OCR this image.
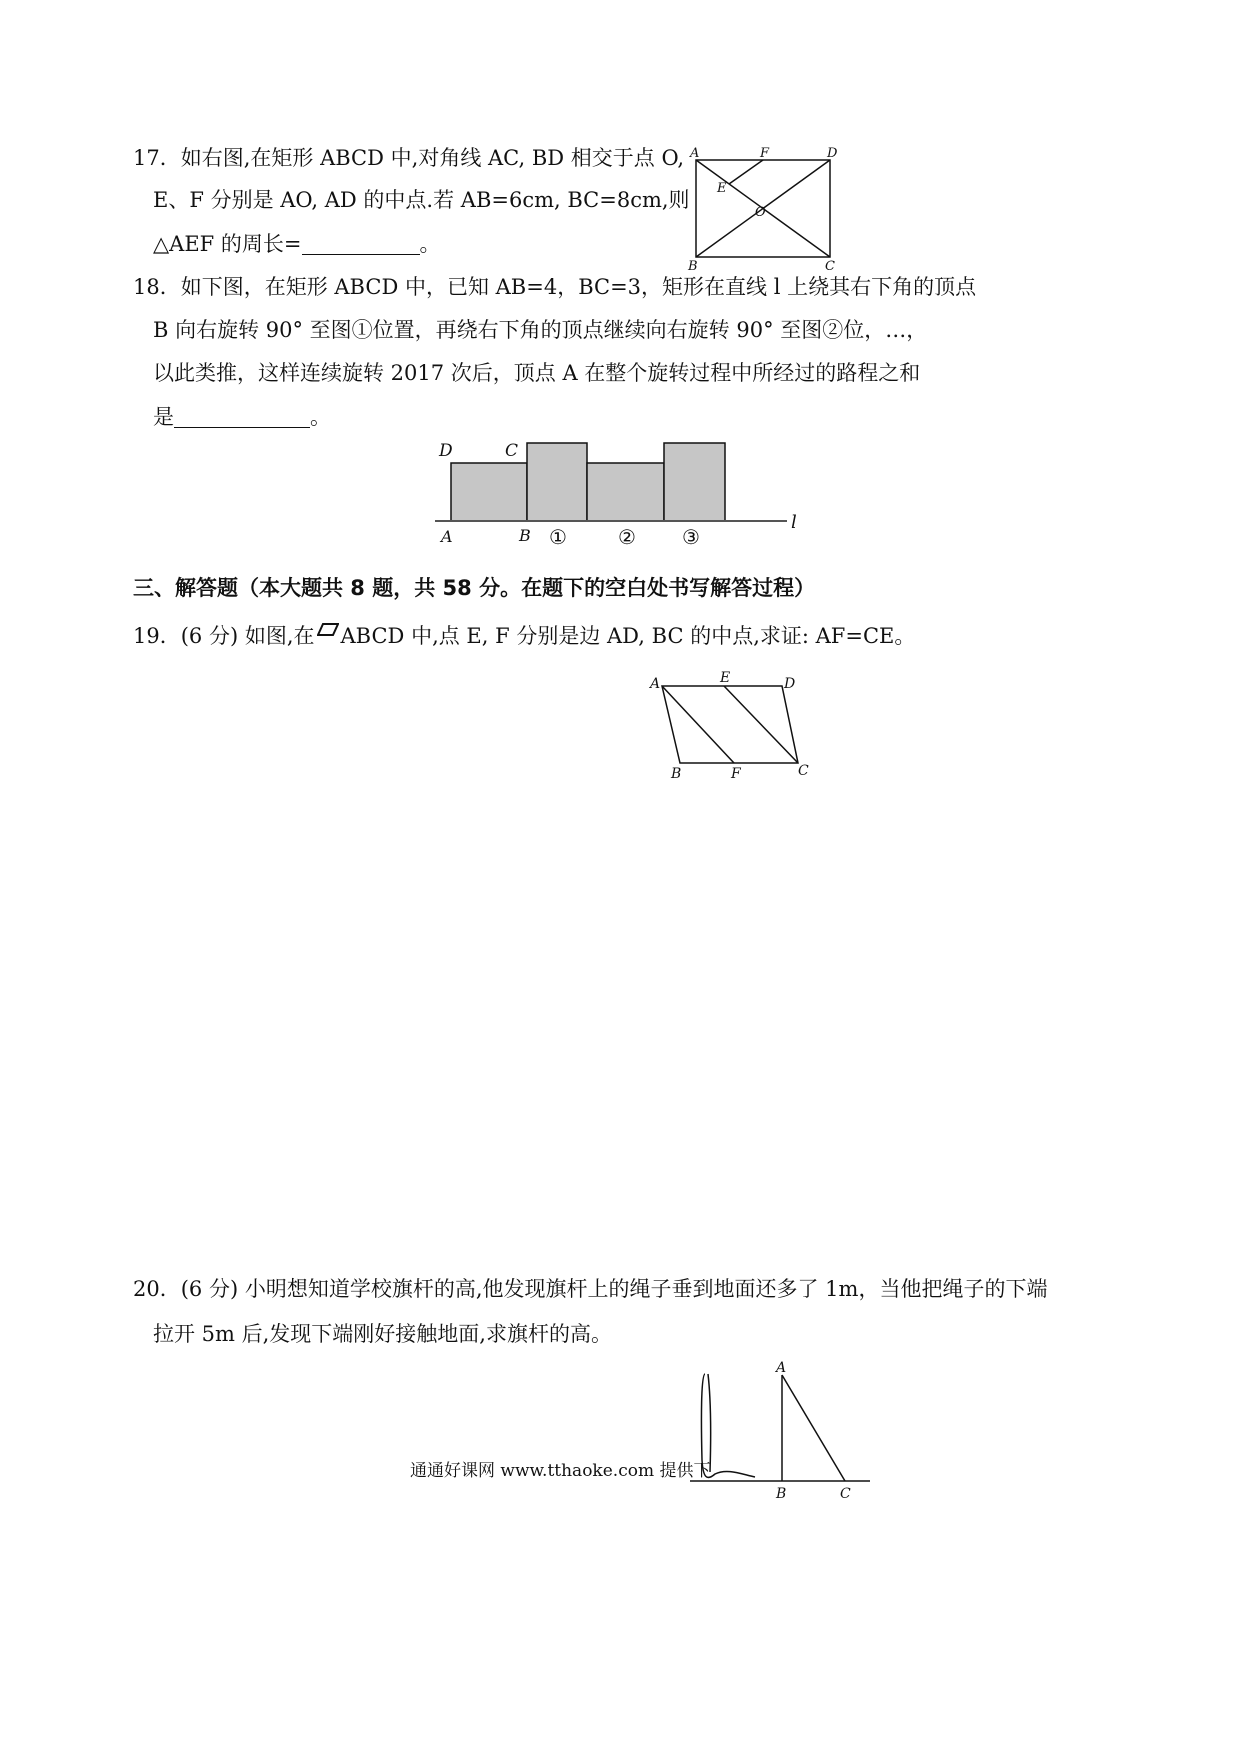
17．如右图,在矩形 ABCD 中,对角线 AC, BD 相交于点 O,
E、F 分别是 AO, AD 的中点.若 AB=6cm, BC=8cm,则
△AEF 的周长=	。
A	F	D
E
O
B	C
18．如下图，在矩形 ABCD 中，已知 AB=4，BC=3，矩形在直线 l 上绕其右下角的顶点
B 向右旋转 90° 至图①位置，再绕右下角的顶点继续向右旋转 90° 至图②位，…，
以此类推，这样连续旋转 2017 次后，顶点 A 在整个旋转过程中所经过的路程之和
是	。
D	C
A	B
l
①	② ③
三、解答题（本大题共 8 题，共 58 分。在题下的空白处书写解答过程）
19．(6 分) 如图,在 ABCD 中,点 E, F 分别是边 AD, BC 的中点,求证: AF=CE。
A	E	D
B	F	C
20．(6 分) 小明想知道学校旗杆的高,他发现旗杆上的绳子垂到地面还多了 1m，当他把绳子的下端
拉开 5m 后,发现下端刚好接触地面,求旗杆的高。
A
B	C
通通好课网 www.tthaoke.com 提供下
